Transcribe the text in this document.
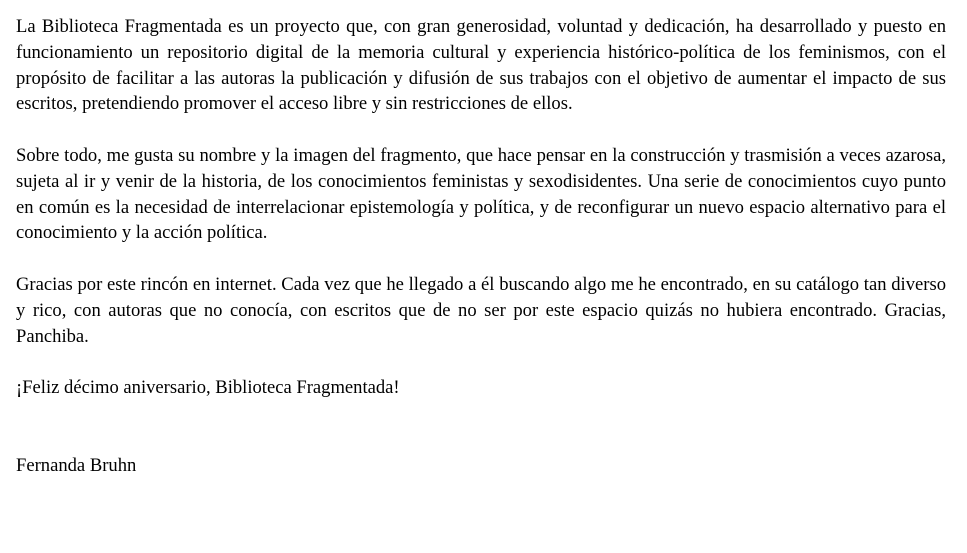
La Biblioteca Fragmentada es un proyecto que, con gran generosidad, voluntad y dedicación, ha desarrollado y puesto en funcionamiento un repositorio digital de la memoria cultural y experiencia histórico-política de los feminismos, con el propósito de facilitar a las autoras la publicación y difusión de sus trabajos con el objetivo de aumentar el impacto de sus escritos, pretendiendo promover el acceso libre y sin restricciones de ellos.

Sobre todo, me gusta su nombre y la imagen del fragmento, que hace pensar en la construcción y trasmisión a veces azarosa, sujeta al ir y venir de la historia, de los conocimientos feministas y sexodisidentes. Una serie de conocimientos cuyo punto en común es la necesidad de interrelacionar epistemología y política, y de reconfigurar un nuevo espacio alternativo para el conocimiento y la acción política.

Gracias por este rincón en internet. Cada vez que he llegado a él buscando algo me he encontrado, en su catálogo tan diverso y rico, con autoras que no conocía, con escritos que de no ser por este espacio quizás no hubiera encontrado. Gracias, Panchiba.

¡Feliz décimo aniversario, Biblioteca Fragmentada!

Fernanda Bruhn
